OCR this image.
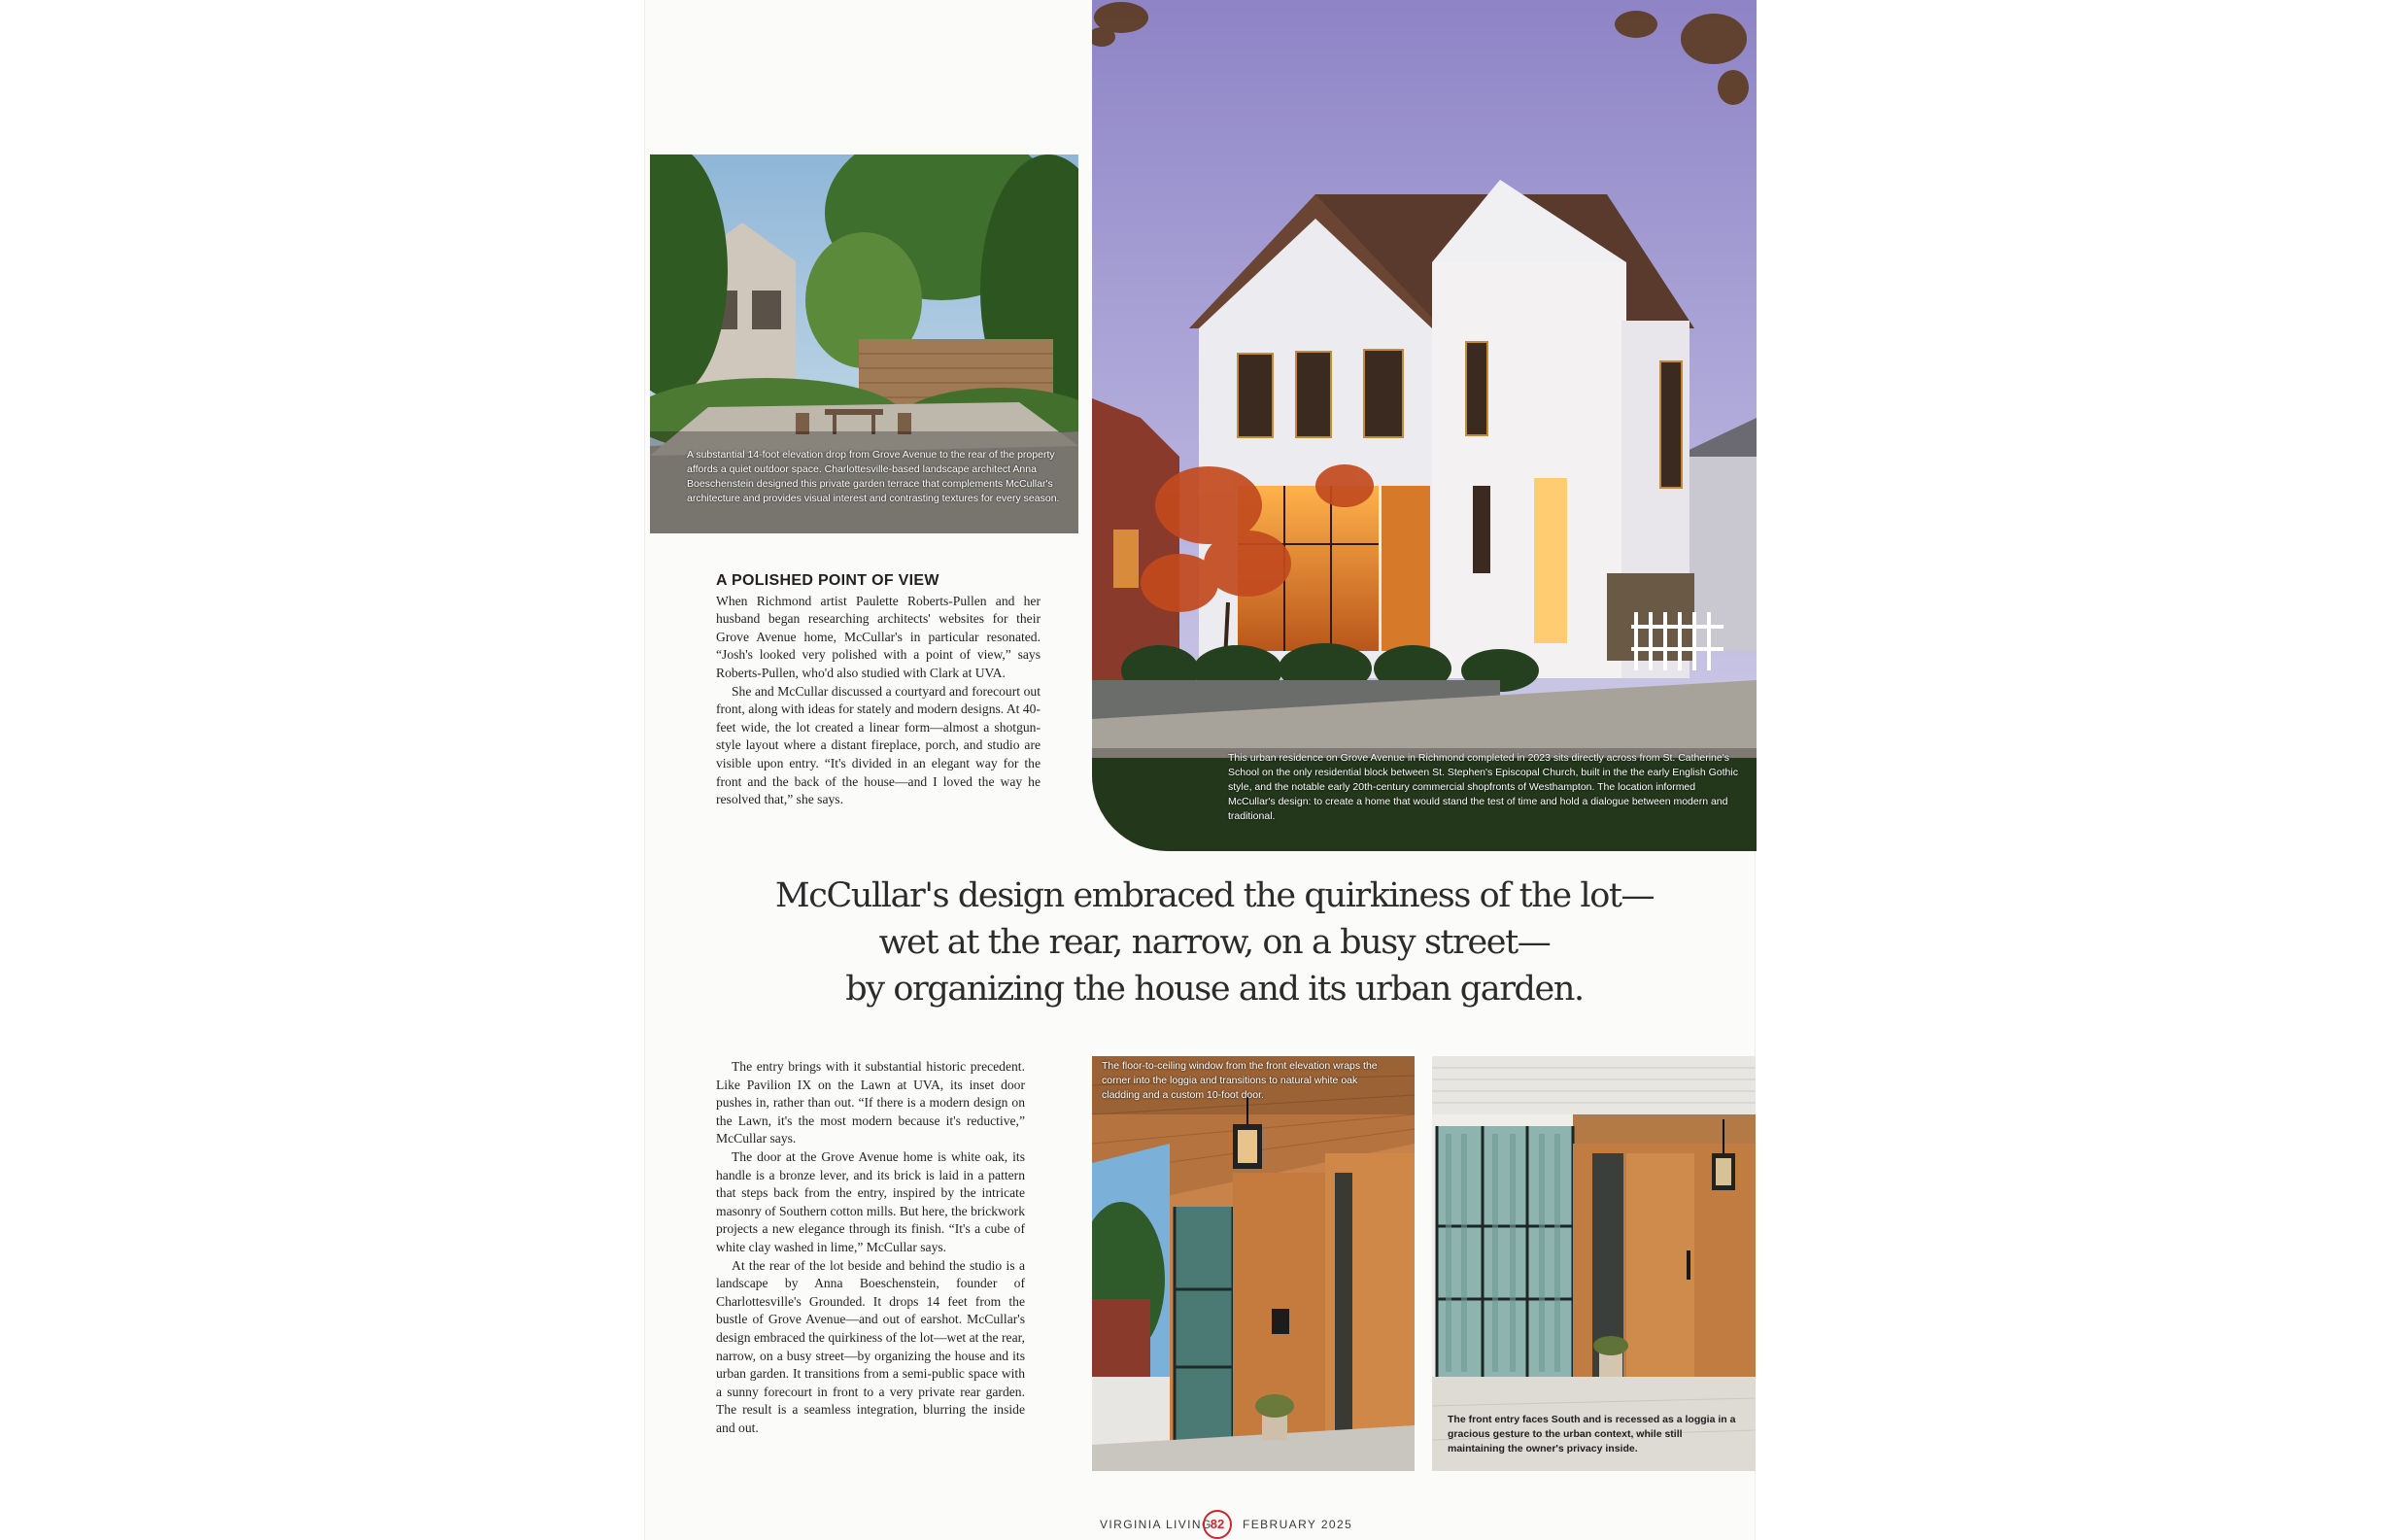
A substantial 14-foot elevation drop from Grove Avenue to the rear of the property affords a quiet outdoor space. Charlottesville-based landscape architect Anna Boeschenstein designed this private garden terrace that complements McCullar's architecture and provides visual interest and contrasting textures for every season.
This urban residence on Grove Avenue in Richmond completed in 2023 sits directly across from St. Catherine's School on the only residential block between St. Stephen's Episcopal Church, built in the the early English Gothic style, and the notable early 20th-century commercial shopfronts of Westhampton. The location informed McCullar's design: to create a home that would stand the test of time and hold a dialogue between modern and traditional.
A POLISHED POINT OF VIEW

When Richmond artist Paulette Roberts-Pullen and her husband began researching architects' websites for their Grove Avenue home, McCullar's in particular resonated. “Josh's looked very polished with a point of view,” says Roberts-Pullen, who'd also studied with Clark at UVA.

She and McCullar discussed a courtyard and forecourt out front, along with ideas for stately and modern designs. At 40-feet wide, the lot created a linear form—almost a shotgun-style layout where a distant fireplace, porch, and studio are visible upon entry. “It's divided in an elegant way for the front and the back of the house—and I loved the way he resolved that,” she says.

McCullar's design embraced the quirkiness of the lot—
wet at the rear, narrow, on a busy street—
by organizing the house and its urban garden.

The entry brings with it substantial historic precedent. Like Pavilion IX on the Lawn at UVA, its inset door pushes in, rather than out. “If there is a modern design on the Lawn, it's the most modern because it's reductive,” McCullar says.

The door at the Grove Avenue home is white oak, its handle is a bronze lever, and its brick is laid in a pattern that steps back from the entry, inspired by the intricate masonry of Southern cotton mills. But here, the brickwork projects a new elegance through its finish. “It's a cube of white clay washed in lime,” McCullar says.

At the rear of the lot beside and behind the studio is a landscape by Anna Boeschenstein, founder of Charlottesville's Grounded. It drops 14 feet from the bustle of Grove Avenue—and out of earshot. McCullar's design embraced the quirkiness of the lot—wet at the rear, narrow, on a busy street—by organizing the house and its urban garden. It transitions from a semi-public space with a sunny forecourt in front to a very private rear garden. The result is a seamless integration, blurring the inside and out.

The floor-to-ceiling window from the front elevation wraps the corner into the loggia and transitions to natural white oak cladding and a custom 10-foot door.
The front entry faces South and is recessed as a loggia in a gracious gesture to the urban context, while still maintaining the owner's privacy inside.
VIRGINIA LIVING
82	FEBRUARY 2025
